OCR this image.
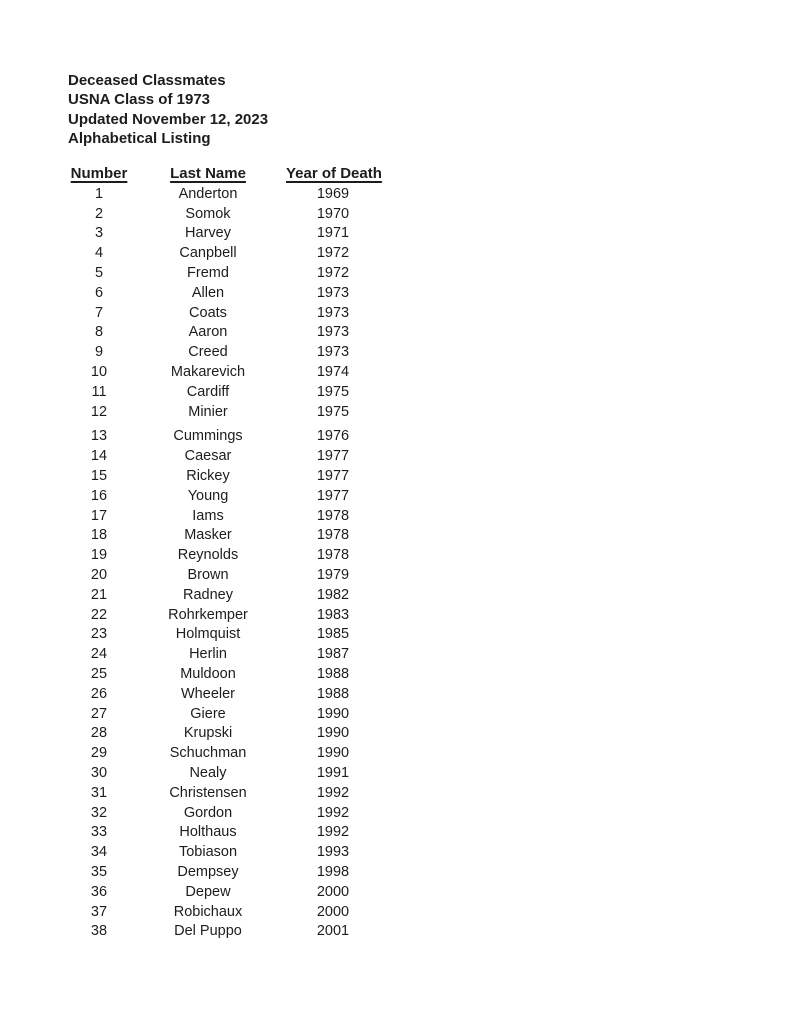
Deceased Classmates
USNA Class of 1973
Updated November 12, 2023
Alphabetical Listing
Number	Last Name	Year of Death
1	Anderton	1969
2	Somok	1970
3	Harvey	1971
4	Canpbell	1972
5	Fremd	1972
6	Allen	1973
7	Coats	1973
8	Aaron	1973
9	Creed	1973
10	Makarevich	1974
11	Cardiff	1975
12	Minier	1975
13	Cummings	1976
14	Caesar	1977
15	Rickey	1977
16	Young	1977
17	Iams	1978
18	Masker	1978
19	Reynolds	1978
20	Brown	1979
21	Radney	1982
22	Rohrkemper	1983
23	Holmquist	1985
24	Herlin	1987
25	Muldoon	1988
26	Wheeler	1988
27	Giere	1990
28	Krupski	1990
29	Schuchman	1990
30	Nealy	1991
31	Christensen	1992
32	Gordon	1992
33	Holthaus	1992
34	Tobiason	1993
35	Dempsey	1998
36	Depew	2000
37	Robichaux	2000
38	Del Puppo	2001
